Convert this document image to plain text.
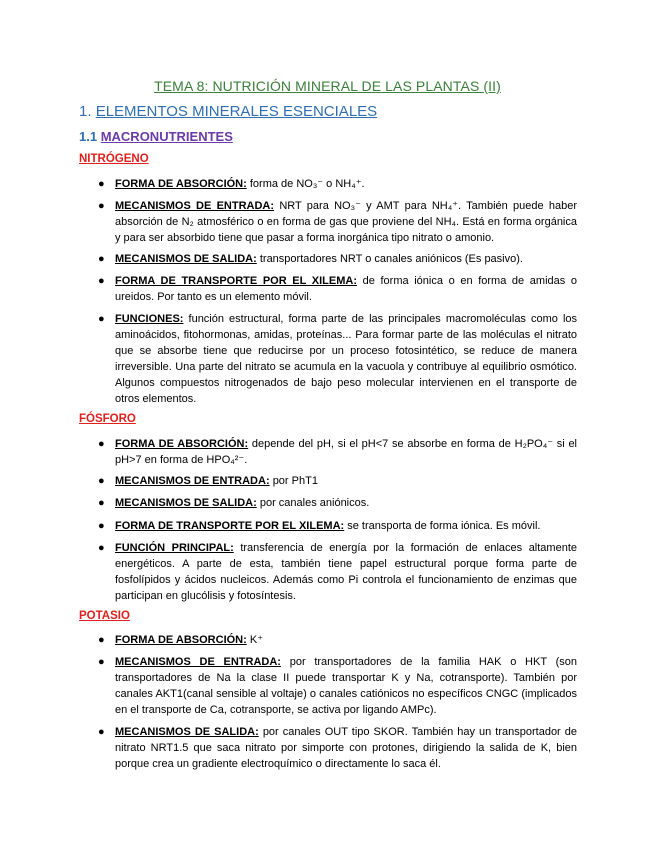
TEMA 8: NUTRICIÓN MINERAL DE LAS PLANTAS (II)
1. ELEMENTOS MINERALES ESENCIALES
1.1 MACRONUTRIENTES
NITRÓGENO
● FORMA DE ABSORCIÓN: forma de NO₃⁻ o NH₄⁺.
● MECANISMOS DE ENTRADA: NRT para NO₃⁻ y AMT para NH₄⁺. También puede haber absorción de N₂ atmosférico o en forma de gas que proviene del NH₄. Está en forma orgánica y para ser absorbido tiene que pasar a forma inorgánica tipo nitrato o amonio.
● MECANISMOS DE SALIDA: transportadores NRT o canales aniónicos (Es pasivo).
● FORMA DE TRANSPORTE POR EL XILEMA: de forma iónica o en forma de amidas o ureidos. Por tanto es un elemento móvil.
● FUNCIONES: función estructural, forma parte de las principales macromoléculas como los aminoácidos, fitohormonas, amidas, proteínas... Para formar parte de las moléculas el nitrato que se absorbe tiene que reducirse por un proceso fotosintético, se reduce de manera irreversible. Una parte del nitrato se acumula en la vacuola y contribuye al equilibrio osmótico. Algunos compuestos nitrogenados de bajo peso molecular intervienen en el transporte de otros elementos.
FÓSFORO
● FORMA DE ABSORCIÓN: depende del pH, si el pH<7 se absorbe en forma de H₂PO₄⁻ si el pH>7 en forma de HPO₄²⁻.
● MECANISMOS DE ENTRADA: por PhT1
● MECANISMOS DE SALIDA: por canales aniónicos.
● FORMA DE TRANSPORTE POR EL XILEMA: se transporta de forma iónica. Es móvil.
● FUNCIÓN PRINCIPAL: transferencia de energía por la formación de enlaces altamente energéticos. A parte de esta, también tiene papel estructural porque forma parte de fosfolípidos y ácidos nucleicos. Además como Pi controla el funcionamiento de enzimas que participan en glucólisis y fotosíntesis.
POTASIO
● FORMA DE ABSORCIÓN: K⁺
● MECANISMOS DE ENTRADA: por transportadores de la familia HAK o HKT (son transportadores de Na la clase II puede transportar K y Na, cotransporte). También por canales AKT1(canal sensible al voltaje) o canales catiónicos no específicos CNGC (implicados en el transporte de Ca, cotransporte, se activa por ligando AMPc).
● MECANISMOS DE SALIDA: por canales OUT tipo SKOR. También hay un transportador de nitrato NRT1.5 que saca nitrato por simporte con protones, dirigiendo la salida de K, bien porque crea un gradiente electroquímico o directamente lo saca él.
